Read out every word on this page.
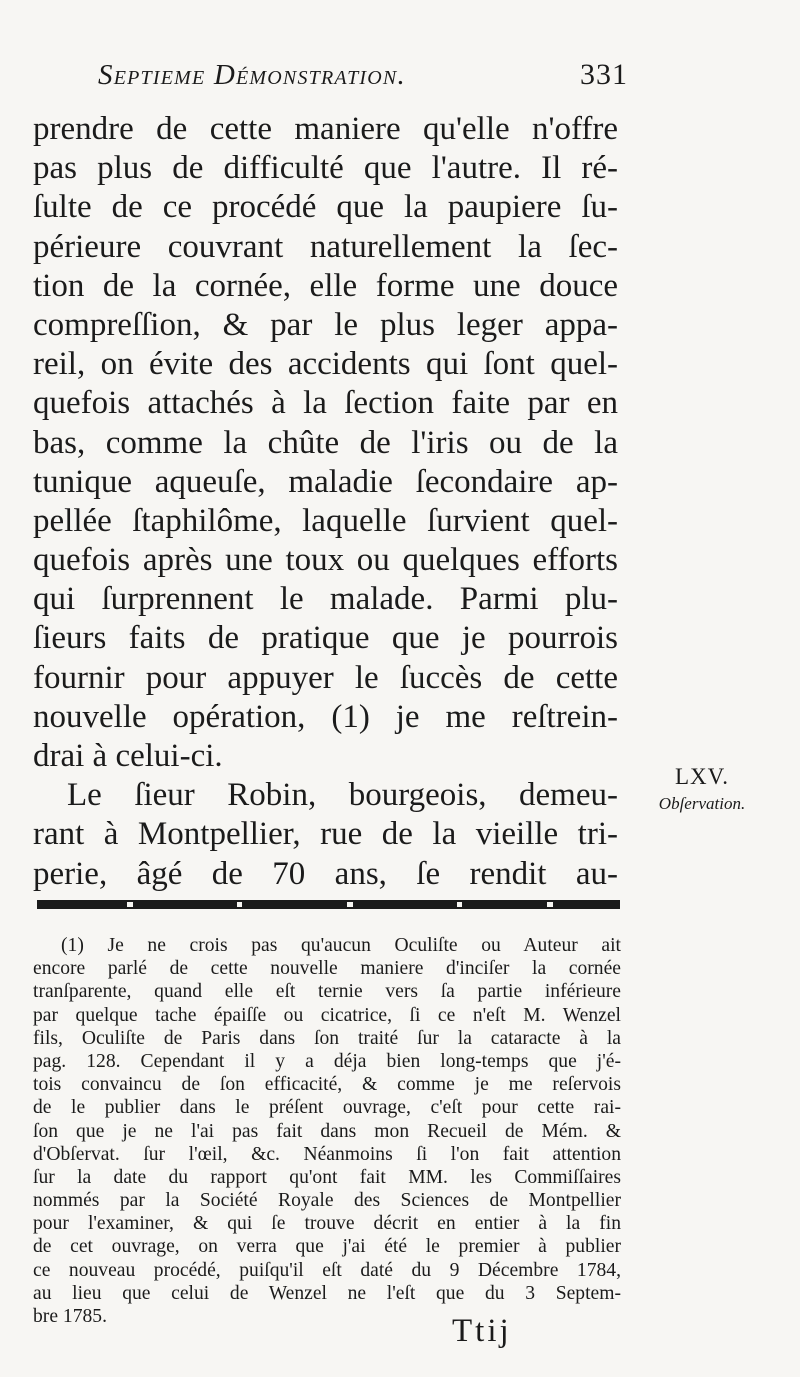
Septieme Démonstration.	331
prendre de cette maniere qu'elle n'offre
pas plus de difficulté que l'autre. Il ré-
ſulte de ce procédé que la paupiere ſu-
périeure couvrant naturellement la ſec-
tion de la cornée, elle forme une douce
compreſſion, & par le plus leger appa-
reil, on évite des accidents qui ſont quel-
quefois attachés à la ſection faite par en
bas, comme la chûte de l'iris ou de la
tunique aqueuſe, maladie ſecondaire ap-
pellée ſtaphilôme, laquelle ſurvient quel-
quefois après une toux ou quelques efforts
qui ſurprennent le malade. Parmi plu-
ſieurs faits de pratique que je pourrois
fournir pour appuyer le ſuccès de cette
nouvelle opération, (1) je me reſtrein-
drai à celui-ci.
Le ſieur Robin, bourgeois, demeu-
rant à Montpellier, rue de la vieille tri-
perie, âgé de 70 ans, ſe rendit au-
LXV.
Obſervation.
(1) Je ne crois pas qu'aucun Oculiſte ou Auteur ait
encore parlé de cette nouvelle maniere d'inciſer la cornée
tranſparente, quand elle eſt ternie vers ſa partie inférieure
par quelque tache épaiſſe ou cicatrice, ſi ce n'eſt M. Wenzel
fils, Oculiſte de Paris dans ſon traité ſur la cataracte à la
pag. 128. Cependant il y a déja bien long-temps que j'é-
tois convaincu de ſon efficacité, & comme je me reſervois
de le publier dans le préſent ouvrage, c'eſt pour cette rai-
ſon que je ne l'ai pas fait dans mon Recueil de Mém. &
d'Obſervat. ſur l'œil, &c. Néanmoins ſi l'on fait attention
ſur la date du rapport qu'ont fait MM. les Commiſſaires
nommés par la Société Royale des Sciences de Montpellier
pour l'examiner, & qui ſe trouve décrit en entier à la fin
de cet ouvrage, on verra que j'ai été le premier à publier
ce nouveau procédé, puiſqu'il eſt daté du 9 Décembre 1784,
au lieu que celui de Wenzel ne l'eſt que du 3 Septem-
bre 1785.	Ttij
